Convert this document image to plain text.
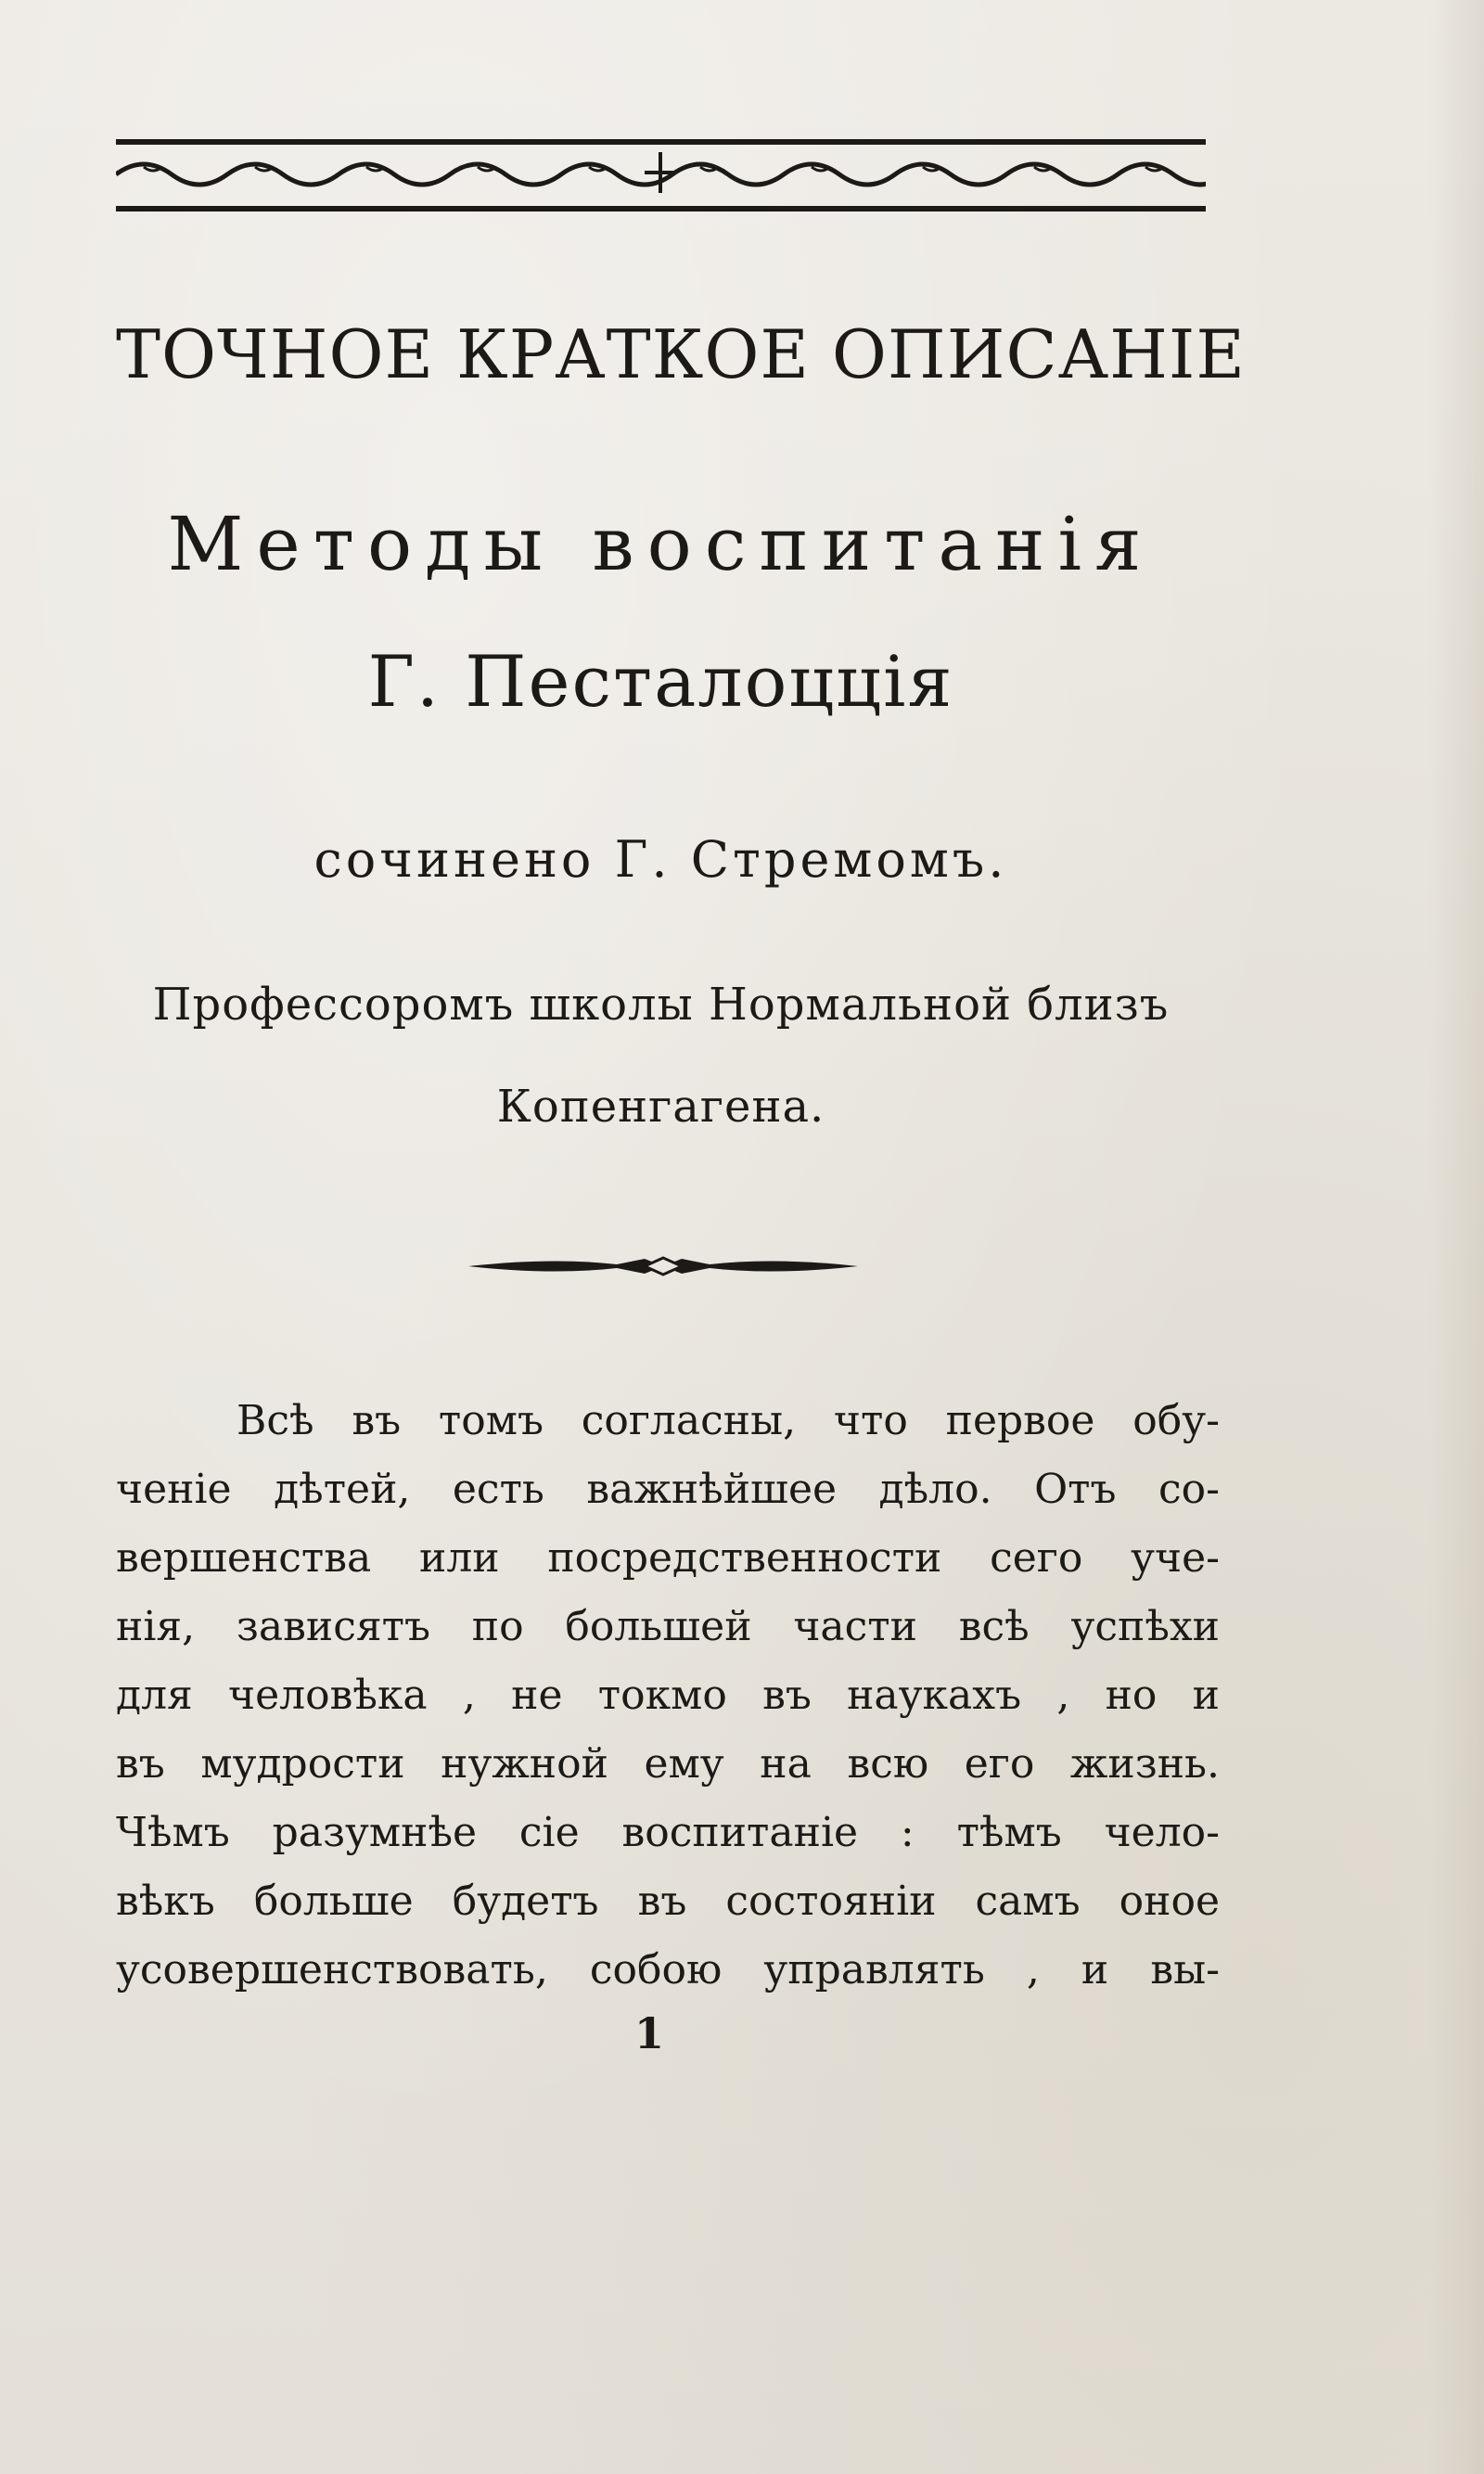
ТОЧНОЕ КРАТКОЕ ОПИСАНІЕ
Методы воспитанія
Г. Песталоцція
сочинено Г. Стремомъ.
Профессоромъ школы Нормальной близъ
Копенгагена.
Всѣ въ томъ согласны, что первое обу-
ченіе дѣтей, есть важнѣйшее дѣло. Отъ со-
вершенства или посредственности сего уче-
нія, зависятъ по большей части всѣ успѣхи
для человѣка , не токмо въ наукахъ , но и
въ мудрости нужной ему на всю его жизнь.
Чѣмъ разумнѣе сіе воспитаніе : тѣмъ чело-
вѣкъ больше будетъ въ состояніи самъ оное
усовершенствовать, собою управлять , и вы-
1
